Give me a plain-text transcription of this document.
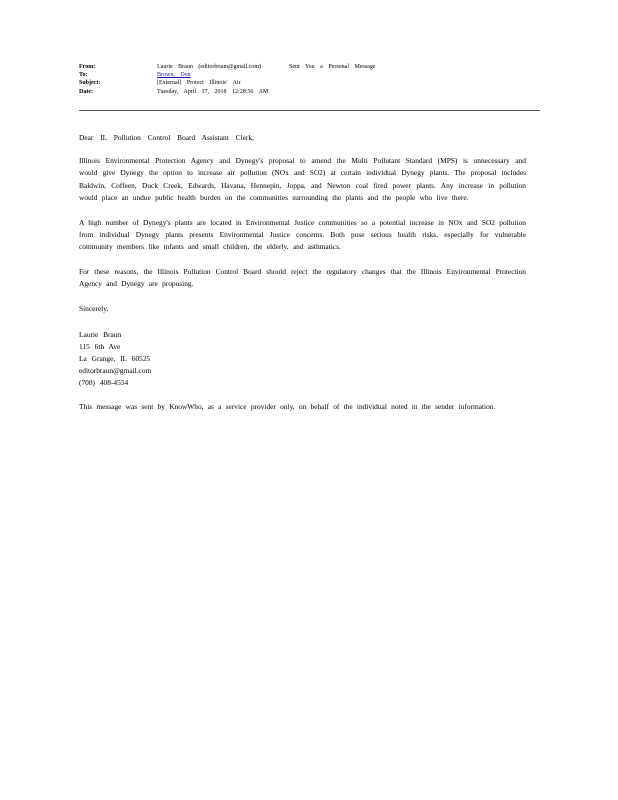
From:	Laurie Braun (editorbraun@gmail.com)	Sent You a Personal Message
To:	Brown, Don
Subject:	[External] Protect Illinois' Air
Date:	Tuesday, April 17, 2018 12:28:56 AM

Dear IL Pollution Control Board Assistant Clerk,

Illinois Environmental Protection Agency and Dynegy's proposal to amend the Multi Pollutant Standard (MPS) is unnecessary and would give Dynegy the option to increase air pollution (NOx and SO2) at certain individual Dynegy plants. The proposal includes Baldwin, Coffeen, Duck Creek, Edwards, Havana, Hennepin, Joppa, and Newton coal fired power plants. Any increase in pollution would place an undue public health burden on the communities surrounding the plants and the people who live there.

A high number of Dynegy's plants are located in Environmental Justice communities so a potential increase in NOx and SO2 pollution from individual Dynegy plants presents Environmental Justice concerns. Both pose serious health risks, especially for vulnerable community members like infants and small children, the elderly, and asthmatics.

For these reasons, the Illinois Pollution Control Board should reject the regulatory changes that the Illinois Environmental Protection Agency and Dynegy are proposing.

Sincerely,

Laurie Braun
115 6th Ave
La Grange, IL 60525
editorbraun@gmail.com
(708) 408-4554

This message was sent by KnowWho, as a service provider only, on behalf of the individual noted in the sender information.
